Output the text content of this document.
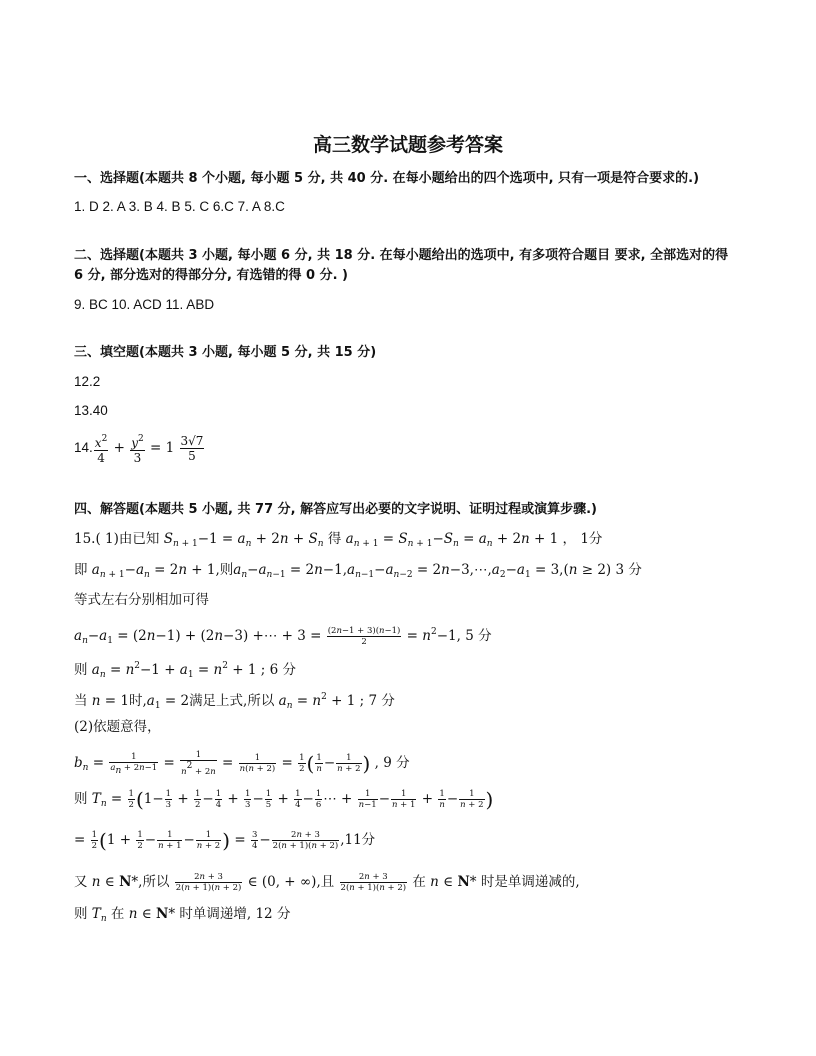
高三数学试题参考答案
一、选择题(本题共 8 个小题, 每小题 5 分, 共 40 分. 在每小题给出的四个选项中, 只有一项是符合要求的.)
1. D 2. A 3. B 4. B 5. C 6.C 7. A 8.C
二、选择题(本题共 3 小题, 每小题 6 分, 共 18 分. 在每小题给出的选项中, 有多项符合题目 要求, 全部选对的得
6 分, 部分选对的得部分分, 有选错的得 0 分. )
9. BC 10. ACD 11. ABD
三、填空题(本题共 3 小题, 每小题 5 分, 共 15 分)
12.2
13.40
14. $\frac{x^2}{4} + \frac{y^2}{3} = 1 \frac{3√7}{5}$
四、解答题(本题共 5 小题, 共 77 分, 解答应写出必要的文字说明、证明过程或演算步骤.)
15.( 1)由已知 $S_{n + 1}-1 = a_n + 2n + S_n$ 得 $a_{n + 1} = S_{n + 1}-S_n = a_n + 2n + 1$ ， 1分
即 $a_{n + 1}-a_n = 2n + 1$,则$a_n-a_{n-1} = 2n-1,a_{n-1}-a_{n-2}$ = $2n-3,\cdots,a_2-a_1 = 3,(n \ge 2)$ 3 分
等式左右分别相加可得
$a_n-a_1 = (2n-1) + (2n-3)$ +⋯ + $3 = \frac{(2n-1 + 3)(n-1)}{2} = n^2-1$, 5 分
则 $a_n = n^2-1 + a_1 = n^2 + 1$ ; 6 分
当 n = 1时$,a_1 = 2$满足上式,所以 $a_n = n^2 + 1$ ; 7 分
(2)依题意得，
$b_n = \frac{1}{a_n + 2n-1} = \frac{1}{n^2 + 2n} = \frac{1}{n(n + 2)} = \frac{1}{2}$ ( $\frac{1}{n} - \frac{1}{n + 2}$ ) , 9 分
则 $T_n = \frac{1}{2} (1- \frac{1}{3} + \frac{1}{2} - \frac{1}{4} + \frac{1}{3} - \frac{1}{5} + \frac{1}{4} - \frac{1}{6}$ ⋯ + $\frac{1}{n-1} - \frac{1}{n + 1} + \frac{1}{n} - \frac{1}{n + 2}$ )
= $\frac{1}{2} (1 + \frac{1}{2} - \frac{1}{n + 1} - \frac{1}{n + 2}$ ) = $\frac{3}{4} - \frac{2n + 3}{2(n + 1)(n + 2)} ,11$分
又 n ∈ N*,所以 $\frac{2n + 3}{2(n + 1)(n + 2)}$ ∈ (0, + ∞),且 $\frac{2n + 3}{2(n + 1)(n + 2)}$ 在 n ∈ N* 时是单调递减的,
则 $T_n$ 在 n ∈ N* 时单调递增, 12 分
